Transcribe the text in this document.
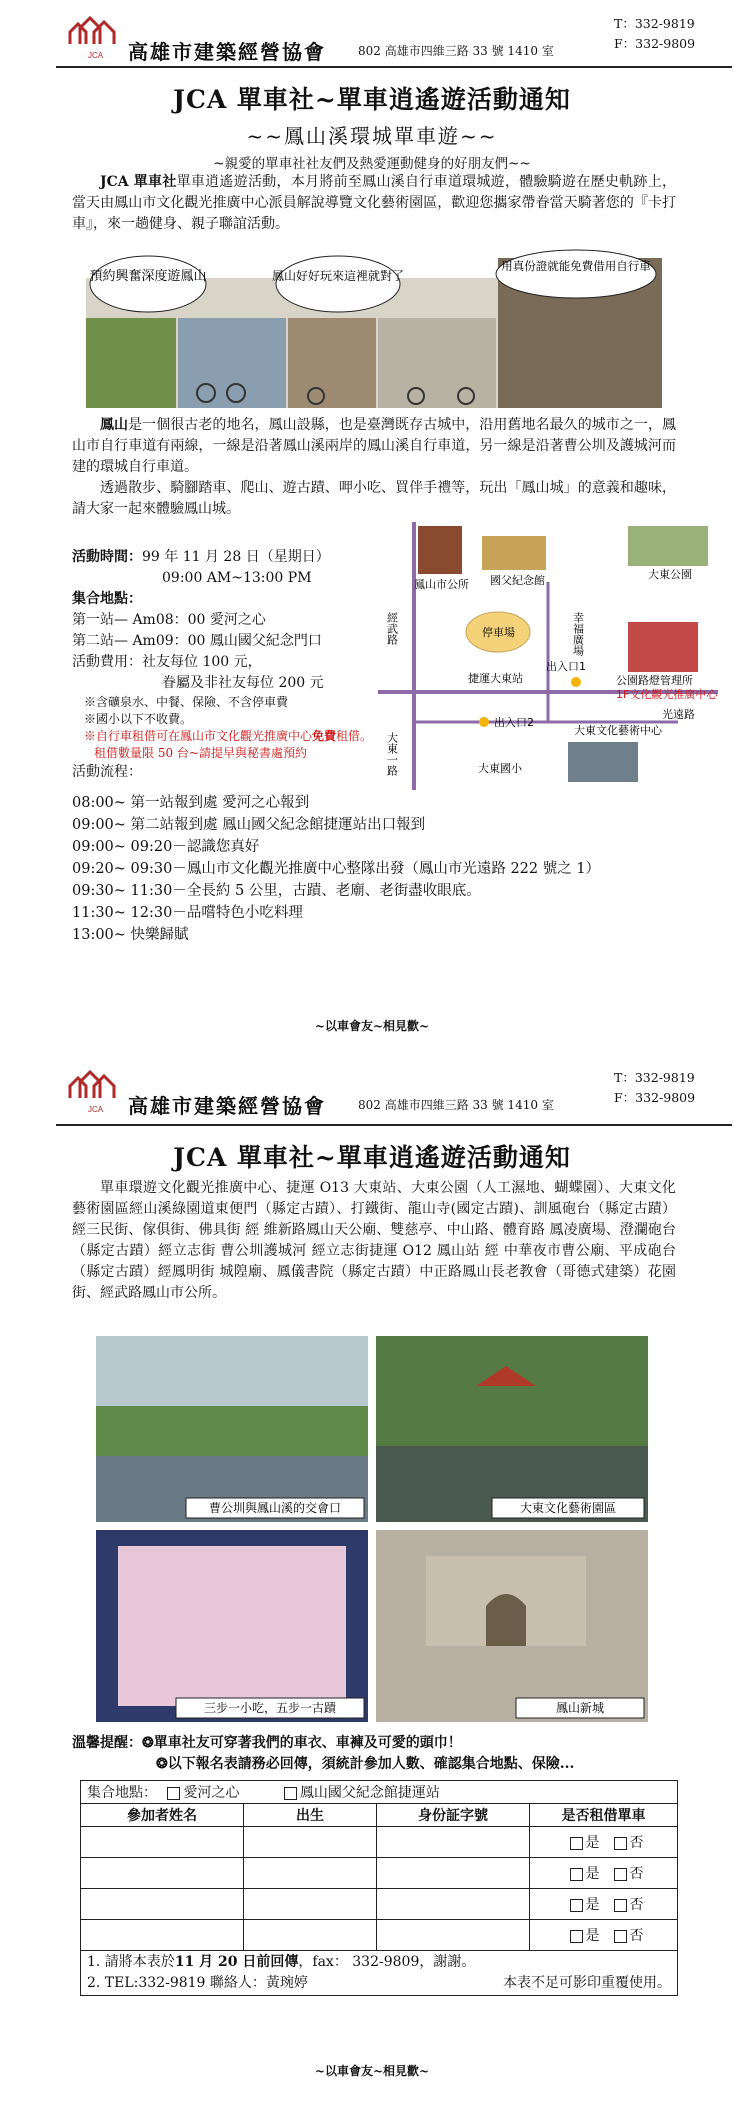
JCA 高雄市建築經營協會	802 高雄市四維三路 33 號 1410 室
T：332-9819
F：332-9809
JCA 單車社~單車逍遙遊活動通知
~~鳳山溪環城單車遊~~
~親愛的單車社社友們及熱愛運動健身的好朋友們~~
JCA 單車社單車逍遙遊活動，本月將前至鳳山溪自行車道環城遊，體驗騎遊在歷史軌跡上，當天由鳳山市文化觀光推廣中心派員解說導覽文化藝術園區，歡迎您攜家帶眷當天騎著您的『卡打車』，來一趟健身、親子聯誼活動。
預約興奮深度遊鳳山	鳳山好好玩來這裡就對了
用真份證就能免費借用自行車
鳳山是一個很古老的地名，鳳山設縣，也是臺灣既存古城中，沿用舊地名最久的城市之一，鳳山市自行車道有兩線，一線是沿著鳳山溪兩岸的鳳山溪自行車道，另一線是沿著曹公圳及護城河而建的環城自行車道。
透過散步、騎腳踏車、爬山、遊古蹟、呷小吃、買伴手禮等，玩出「鳳山城」的意義和趣味，請大家一起來體驗鳳山城。
活動時間：99 年 11 月 28 日（星期日）
09:00 AM~13:00 PM
集合地點：
第一站— Am08：00 愛河之心
第二站— Am09：00 鳳山國父紀念門口
活動費用：社友每位 100 元，
眷屬及非社友每位 200 元
※含礦泉水、中餐、保險、不含停車費
※國小以下不收費。
※自行車租借可在鳳山市文化觀光推廣中心免費租借。
租借數量限 50 台~請提早與秘書處預約
活動流程：
鳳山市公所 國父紀念館	大東公園
幸福廣場
經武路	停車場
捷運大東站
出入口1
公園路燈管理所
1F文化觀光推廣中心
光遠路
大東一路
出入口2
大東文化藝術中心
大東國小
08:00~ 第一站報到處 愛河之心報到
09:00~ 第二站報到處 鳳山國父紀念館捷運站出口報到
09:00~ 09:20－認識您真好
09:20~ 09:30－鳳山市文化觀光推廣中心整隊出發（鳳山市光遠路 222 號之 1）
09:30~ 11:30－全長約 5 公里，古蹟、老廟、老街盡收眼底。
11:30~ 12:30－品嚐特色小吃料理
13:00~ 快樂歸賦
~以車會友~相見歡~
JCA 高雄市建築經營協會	802 高雄市四維三路 33 號 1410 室
T：332-9819
F：332-9809
JCA 單車社~單車逍遙遊活動通知
單車環遊文化觀光推廣中心、捷運 O13 大東站、大東公園（人工濕地、蝴蝶園）、大東文化藝術園區經山溪綠園道東便門（縣定古蹟）、打鐵街、龍山寺(國定古蹟)、訓風砲台（縣定古蹟）經三民街、傢俱街、佛具街 經 維新路鳳山天公廟、雙慈亭、中山路、體育路 鳳凌廣場、澄瀾砲台（縣定古蹟）經立志街 曹公圳護城河 經立志街捷運 O12 鳳山站 經 中華夜市曹公廟、平成砲台（縣定古蹟）經鳳明街 城隍廟、鳳儀書院（縣定古蹟）中正路鳳山長老教會（哥德式建築）花園街、經武路鳳山市公所。
曹公圳與鳳山溪的交會口	大東文化藝術園區
三步一小吃，五步一古蹟	鳳山新城
溫馨提醒：❂單車社友可穿著我們的車衣、車褲及可愛的頭巾！
❂以下報名表請務必回傳，須統計參加人數、確認集合地點、保險...
集合地點： 愛河之心 鳳山國父紀念館捷運站			
參加者姓名	出生	身份証字號	是否租借單車
			是 否
			是 否
			是 否
			是 否

1. 請將本表於11 月 20 日前回傳，fax： 332-9809，謝謝。
2. TEL:332-9819 聯絡人：黃琬婷 本表不足可影印重覆使用。			
~以車會友~相見歡~
